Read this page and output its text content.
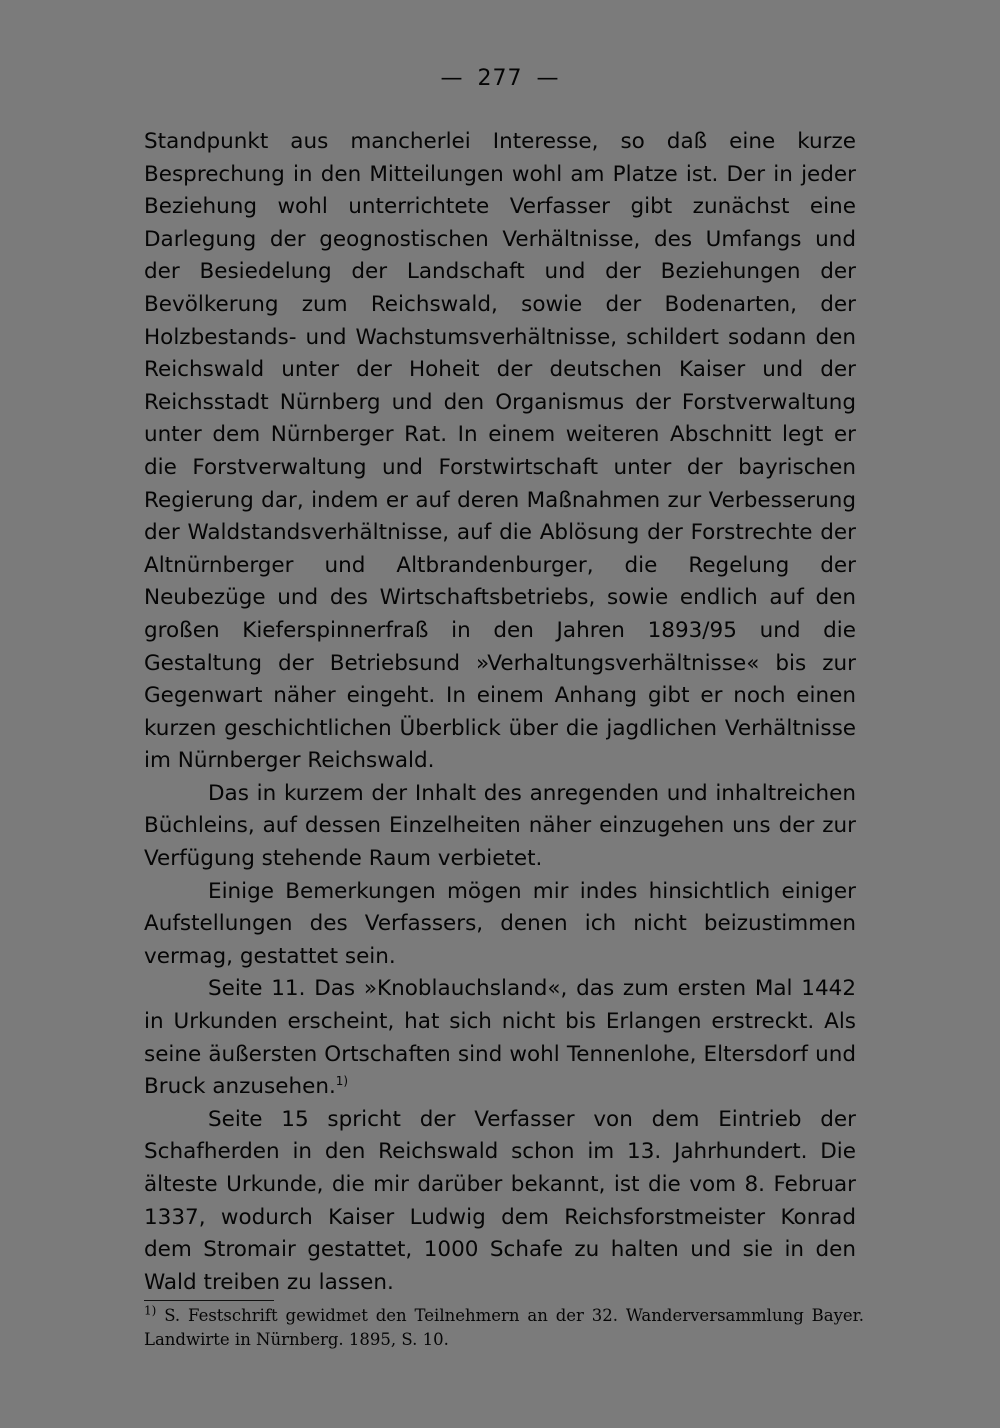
— 277 —

Standpunkt aus mancherlei Interesse, so daß eine kurze Besprechung in den Mitteilungen wohl am Platze ist. Der in jeder Beziehung wohl unterrichtete Verfasser gibt zunächst eine Darlegung der geognostischen Verhältnisse, des Umfangs und der Besiedelung der Landschaft und der Beziehungen der Bevölkerung zum Reichswald, sowie der Bodenarten, der Holzbestands- und Wachstumsverhältnisse, schildert sodann den Reichswald unter der Hoheit der deutschen Kaiser und der Reichsstadt Nürnberg und den Organismus der Forstverwaltung unter dem Nürnberger Rat. In einem weiteren Abschnitt legt er die Forstverwaltung und Forstwirtschaft unter der bayrischen Regierung dar, indem er auf deren Maßnahmen zur Verbesserung der Waldstandsverhältnisse, auf die Ablösung der Forstrechte der Altnürnberger und Altbrandenburger, die Regelung der Neubezüge und des Wirtschaftsbetriebs, sowie endlich auf den großen Kieferspinnerfraß in den Jahren 1893/95 und die Gestaltung der Betriebsund »Verhaltungsverhältnisse« bis zur Gegenwart näher eingeht. In einem Anhang gibt er noch einen kurzen geschichtlichen Überblick über die jagdlichen Verhältnisse im Nürnberger Reichswald.

Das in kurzem der Inhalt des anregenden und inhaltreichen Büchleins, auf dessen Einzelheiten näher einzugehen uns der zur Verfügung stehende Raum verbietet.

Einige Bemerkungen mögen mir indes hinsichtlich einiger Aufstellungen des Verfassers, denen ich nicht beizustimmen vermag, gestattet sein.

Seite 11. Das »Knoblauchsland«, das zum ersten Mal 1442 in Urkunden erscheint, hat sich nicht bis Erlangen erstreckt. Als seine äußersten Ortschaften sind wohl Tennenlohe, Eltersdorf und Bruck anzusehen.$^{1)}$

Seite 15 spricht der Verfasser von dem Eintrieb der Schafherden in den Reichswald schon im 13. Jahrhundert. Die älteste Urkunde, die mir darüber bekannt, ist die vom 8. Februar 1337, wodurch Kaiser Ludwig dem Reichsforstmeister Konrad dem Stromair gestattet, 1000 Schafe zu halten und sie in den Wald treiben zu lassen.

$^{1)}$ S. Festschrift gewidmet den Teilnehmern an der 32. Wanderversammlung Bayer. Landwirte in Nürnberg. 1895, S. 10.
